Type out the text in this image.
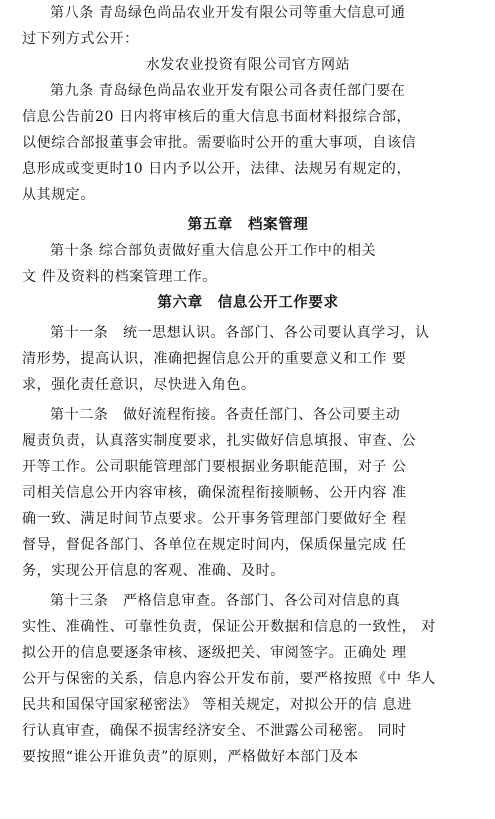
第八条 青岛绿色尚品农业开发有限公司等重大信息可通
过下列方式公开：
水发农业投资有限公司官方网站
第九条 青岛绿色尚品农业开发有限公司各责任部门要在
信息公告前20 日内将审核后的重大信息书面材料报综合部，
以便综合部报董事会审批。需要临时公开的重大事项，自该信
息形成或变更时10 日内予以公开，法律、法规另有规定的，
从其规定。
第五章　档案管理
第十条 综合部负责做好重大信息公开工作中的相关
文 件及资料的档案管理工作。
第六章　信息公开工作要求
第十一条　统一思想认识。各部门、各公司要认真学习，认
清形势，提高认识，准确把握信息公开的重要意义和工作 要
求，强化责任意识，尽快进入角色。
第十二条　做好流程衔接。各责任部门、各公司要主动
履责负责，认真落实制度要求，扎实做好信息填报、审查、公
开等工作。公司职能管理部门要根据业务职能范围，对子 公
司相关信息公开内容审核，确保流程衔接顺畅、公开内容 准
确一致、满足时间节点要求。公开事务管理部门要做好全 程
督导，督促各部门、各单位在规定时间内，保质保量完成 任
务，实现公开信息的客观、准确、及时。
第十三条　严格信息审查。各部门、各公司对信息的真
实性、准确性、可靠性负责，保证公开数据和信息的一致性， 对
拟公开的信息要逐条审核、逐级把关、审阅签字。正确处 理
公开与保密的关系，信息内容公开发布前，要严格按照《中 华人
民共和国保守国家秘密法》 等相关规定，对拟公开的信 息进
行认真审查，确保不损害经济安全、不泄露公司秘密。 同时
要按照“谁公开谁负责”的原则，严格做好本部门及本
